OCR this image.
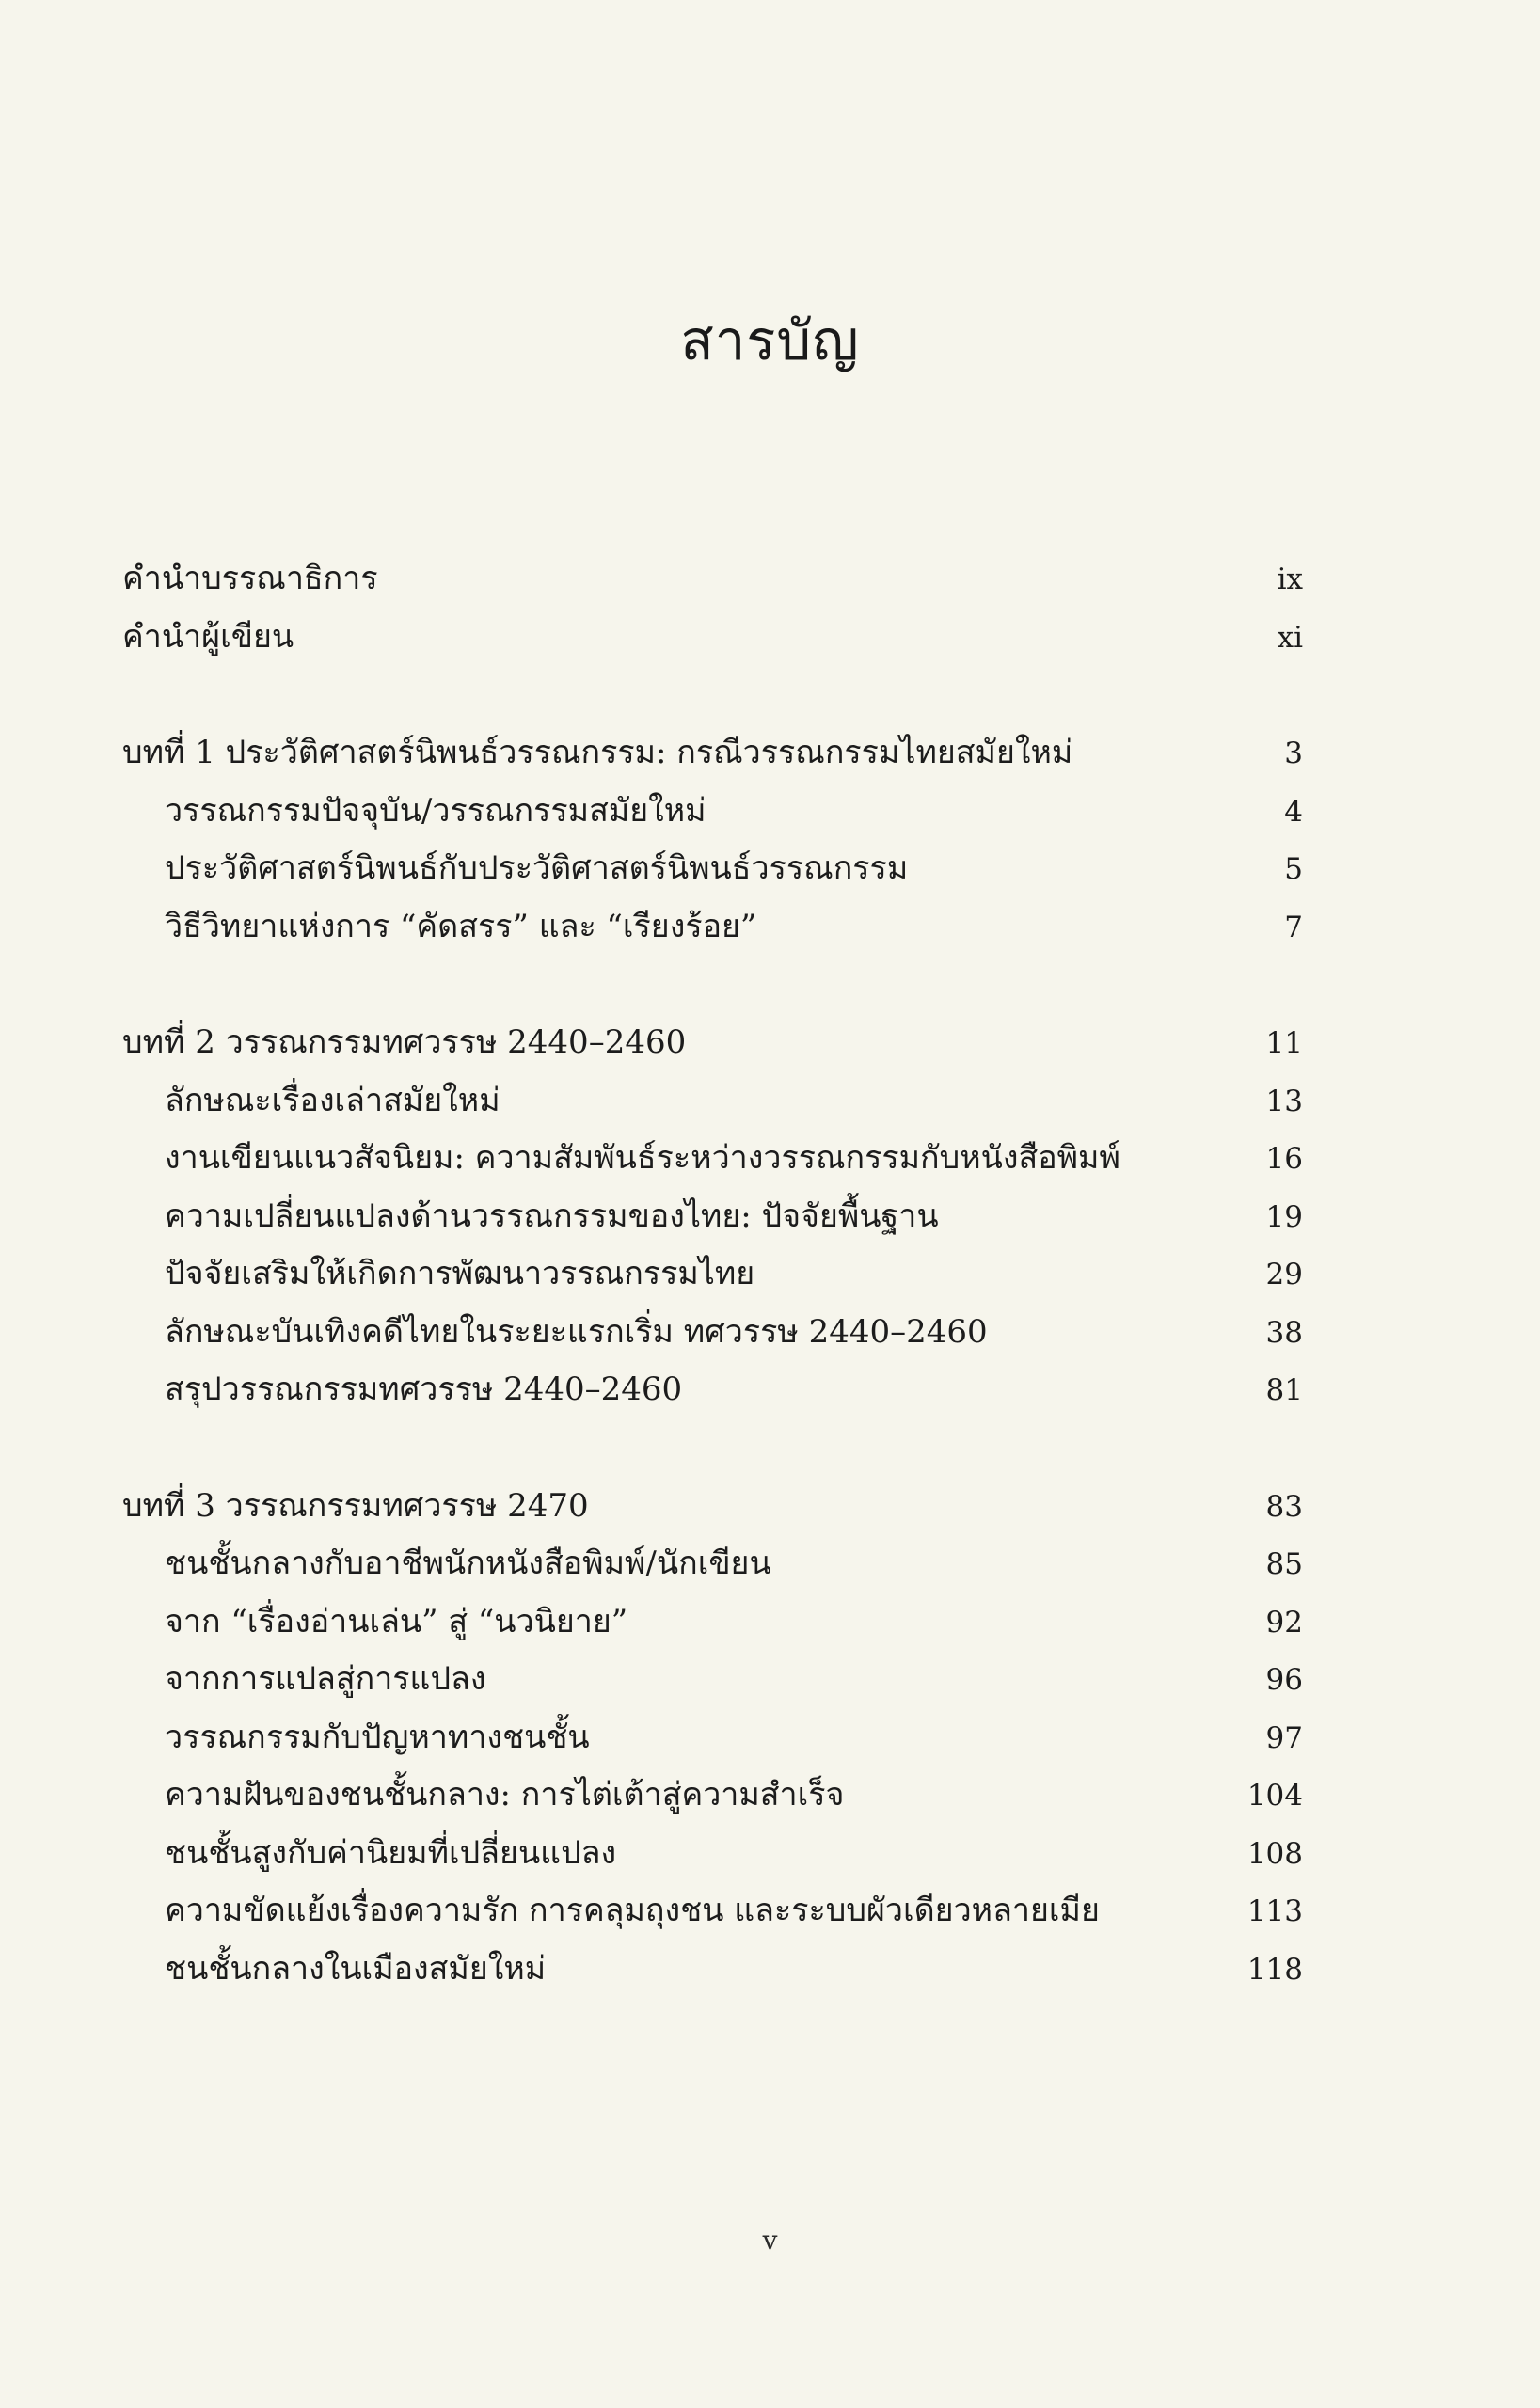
สารบัญ
คำนำบรรณาธิการ	ix
คำนำผู้เขียน	xi
บทที่ 1 ประวัติศาสตร์นิพนธ์วรรณกรรม: กรณีวรรณกรรมไทยสมัยใหม่	3
วรรณกรรมปัจจุบัน/วรรณกรรมสมัยใหม่	4
ประวัติศาสตร์นิพนธ์กับประวัติศาสตร์นิพนธ์วรรณกรรม	5
วิธีวิทยาแห่งการ “คัดสรร” และ “เรียงร้อย”	7
บทที่ 2 วรรณกรรมทศวรรษ 2440–2460	11
ลักษณะเรื่องเล่าสมัยใหม่	13
งานเขียนแนวสัจนิยม: ความสัมพันธ์ระหว่างวรรณกรรมกับหนังสือพิมพ์	16
ความเปลี่ยนแปลงด้านวรรณกรรมของไทย: ปัจจัยพื้นฐาน	19
ปัจจัยเสริมให้เกิดการพัฒนาวรรณกรรมไทย	29
ลักษณะบันเทิงคดีไทยในระยะแรกเริ่ม ทศวรรษ 2440–2460	38
สรุปวรรณกรรมทศวรรษ 2440–2460	81
บทที่ 3 วรรณกรรมทศวรรษ 2470	83
ชนชั้นกลางกับอาชีพนักหนังสือพิมพ์/นักเขียน	85
จาก “เรื่องอ่านเล่น” สู่ “นวนิยาย”	92
จากการแปลสู่การแปลง	96
วรรณกรรมกับปัญหาทางชนชั้น	97
ความฝันของชนชั้นกลาง: การไต่เต้าสู่ความสำเร็จ	104
ชนชั้นสูงกับค่านิยมที่เปลี่ยนแปลง	108
ความขัดแย้งเรื่องความรัก การคลุมถุงชน และระบบผัวเดียวหลายเมีย	113
ชนชั้นกลางในเมืองสมัยใหม่	118
v
